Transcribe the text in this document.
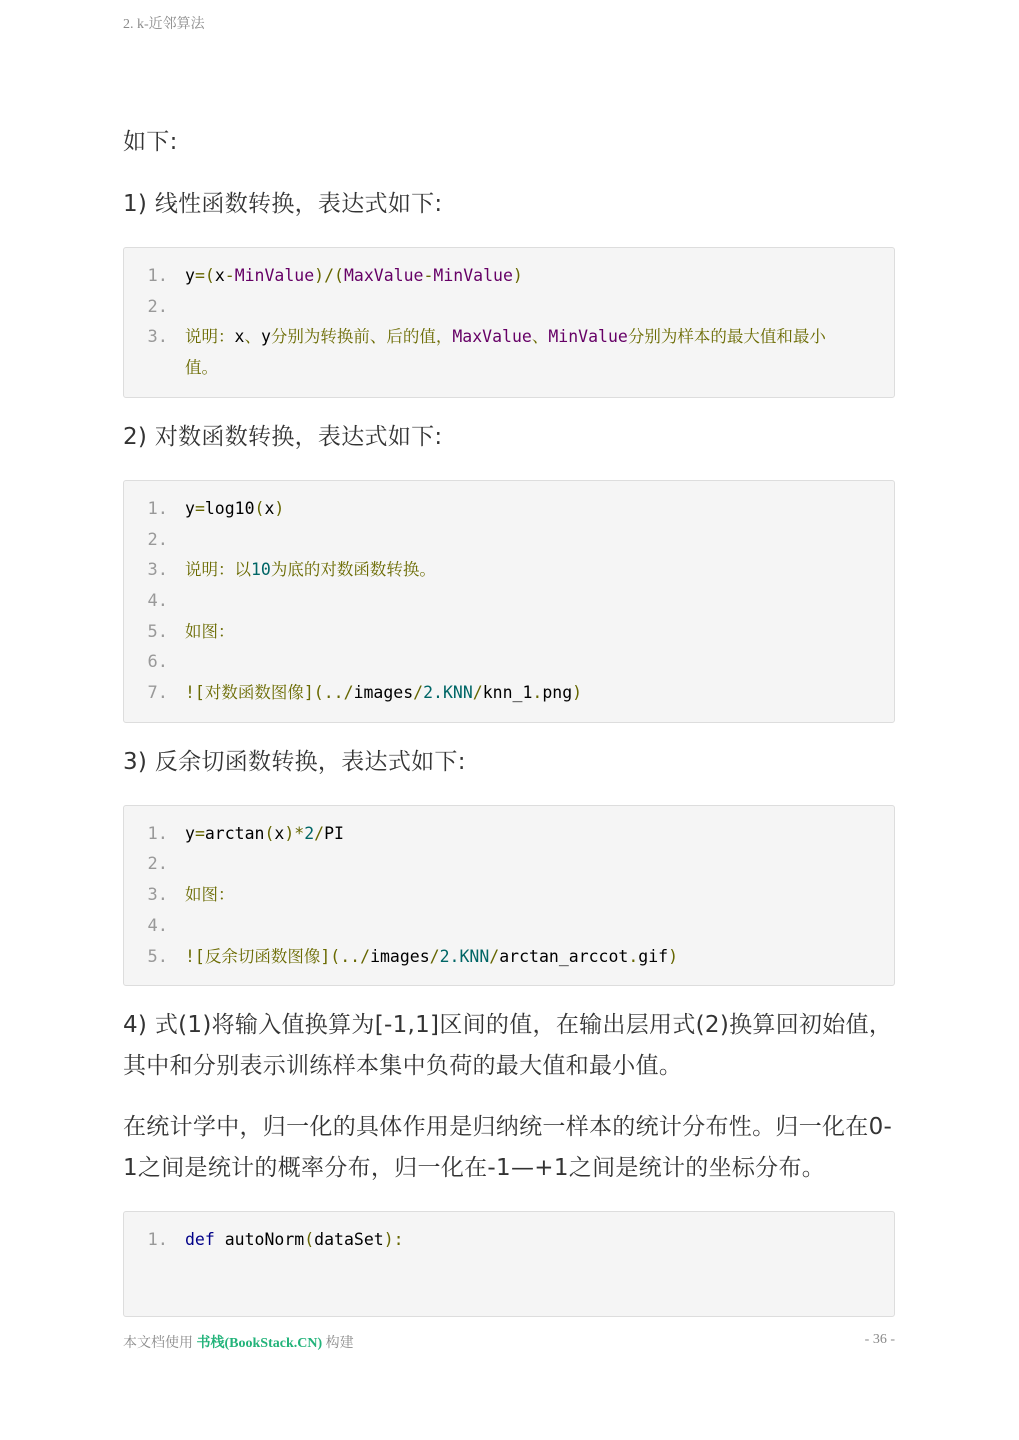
2. k-近邻算法

如下:

1) 线性函数转换，表达式如下:

1.	y=(x-MinValue)/(MaxValue-MinValue)
2.

3.	说明：x、y分别为转换前、后的值，MaxValue、MinValue分别为样本的最大值和最小值。

2) 对数函数转换，表达式如下:

1.	y=log10(x)
2.

3.	说明：以10为底的对数函数转换。
4.

5.	如图：
6.

7.	![对数函数图像](../images/2.KNN/knn_1.png)

3) 反余切函数转换，表达式如下:

1.	y=arctan(x)*2/PI
2.

3.	如图：
4.

5.	![反余切函数图像](../images/2.KNN/arctan_arccot.gif)

4) 式(1)将输入值换算为[-1,1]区间的值，在输出层用式(2)换算回初始值，其中和分别表示训练样本集中负荷的最大值和最小值。

在统计学中，归一化的具体作用是归纳统一样本的统计分布性。归一化在0-1之间是统计的概率分布，归一化在-1—+1之间是统计的坐标分布。

1.	def autoNorm(dataSet):
本文档使用 书栈(BookStack.CN) 构建	- 36 -
